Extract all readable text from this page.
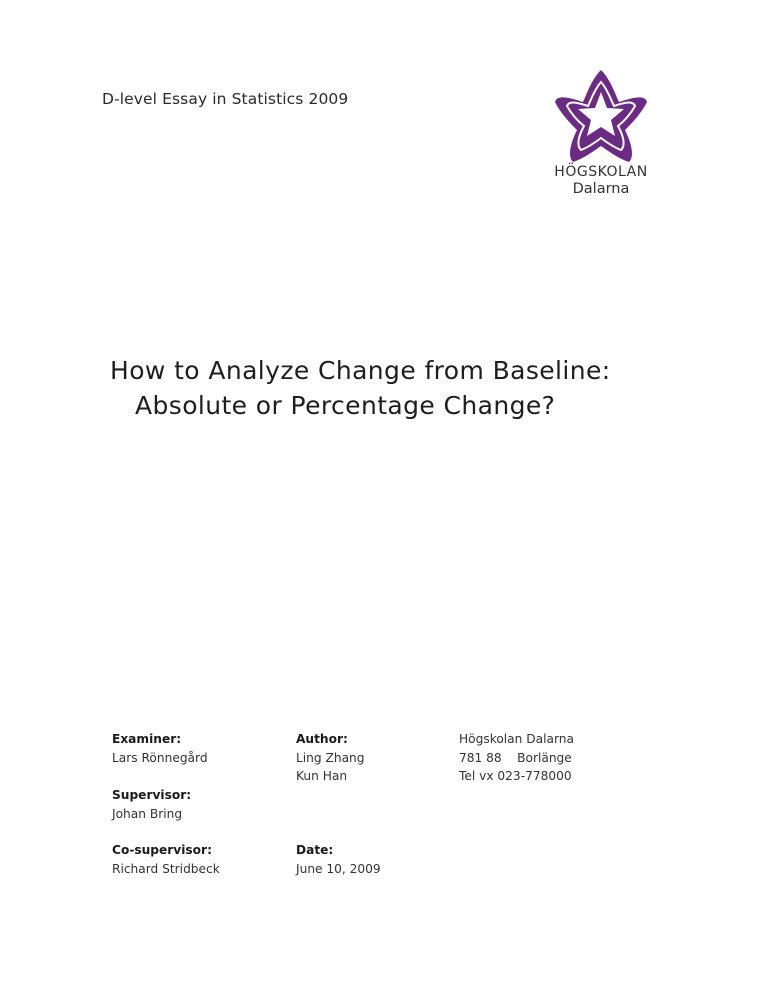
D-level Essay in Statistics 2009
HÖGSKOLAN
Dalarna
How to Analyze Change from Baseline:
Absolute or Percentage Change?
Examiner:
Lars Rönnegård
Supervisor:
Johan Bring
Co-supervisor:
Richard Stridbeck
Author:
Ling Zhang
Kun Han
Date:
June 10, 2009
Högskolan Dalarna
781 88    Borlänge
Tel vx 023-778000
